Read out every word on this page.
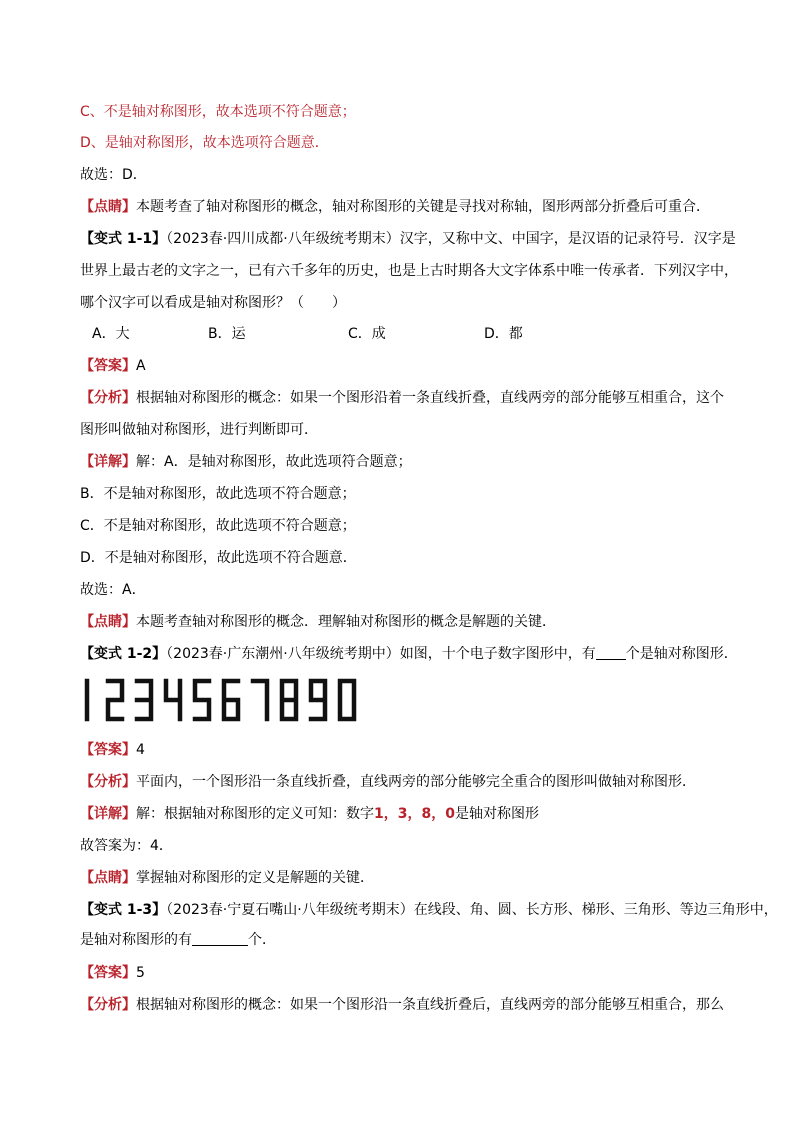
C、不是轴对称图形，故本选项不符合题意；
D、是轴对称图形，故本选项符合题意．
故选：D．
【点睛】本题考查了轴对称图形的概念，轴对称图形的关键是寻找对称轴，图形两部分折叠后可重合．
【变式 1-1】（2023春·四川成都·八年级统考期末）汉字，又称中文、中国字，是汉语的记录符号．汉字是
世界上最古老的文字之一，已有六千多年的历史，也是上古时期各大文字体系中唯一传承者．下列汉字中，
哪个汉字可以看成是轴对称图形？（　　）
A．大	B．运	C．成	D．都
【答案】A
【分析】根据轴对称图形的概念：如果一个图形沿着一条直线折叠，直线两旁的部分能够互相重合，这个
图形叫做轴对称图形，进行判断即可．
【详解】解：A．是轴对称图形，故此选项符合题意；
B．不是轴对称图形，故此选项不符合题意；
C．不是轴对称图形，故此选项不符合题意；
D．不是轴对称图形，故此选项不符合题意．
故选：A．
【点睛】本题考查轴对称图形的概念．理解轴对称图形的概念是解题的关键．
【变式 1-2】（2023春·广东潮州·八年级统考期中）如图，十个电子数字图形中，有 个是轴对称图形．
【答案】4
【分析】平面内，一个图形沿一条直线折叠，直线两旁的部分能够完全重合的图形叫做轴对称图形．
【详解】解：根据轴对称图形的定义可知：数字1，3，8，0是轴对称图形
故答案为：4．
【点睛】掌握轴对称图形的定义是解题的关键．
【变式 1-3】（2023春·宁夏石嘴山·八年级统考期末）在线段、角、圆、长方形、梯形、三角形、等边三角形中，
是轴对称图形的有	个．
【答案】5
【分析】根据轴对称图形的概念：如果一个图形沿一条直线折叠后，直线两旁的部分能够互相重合，那么
